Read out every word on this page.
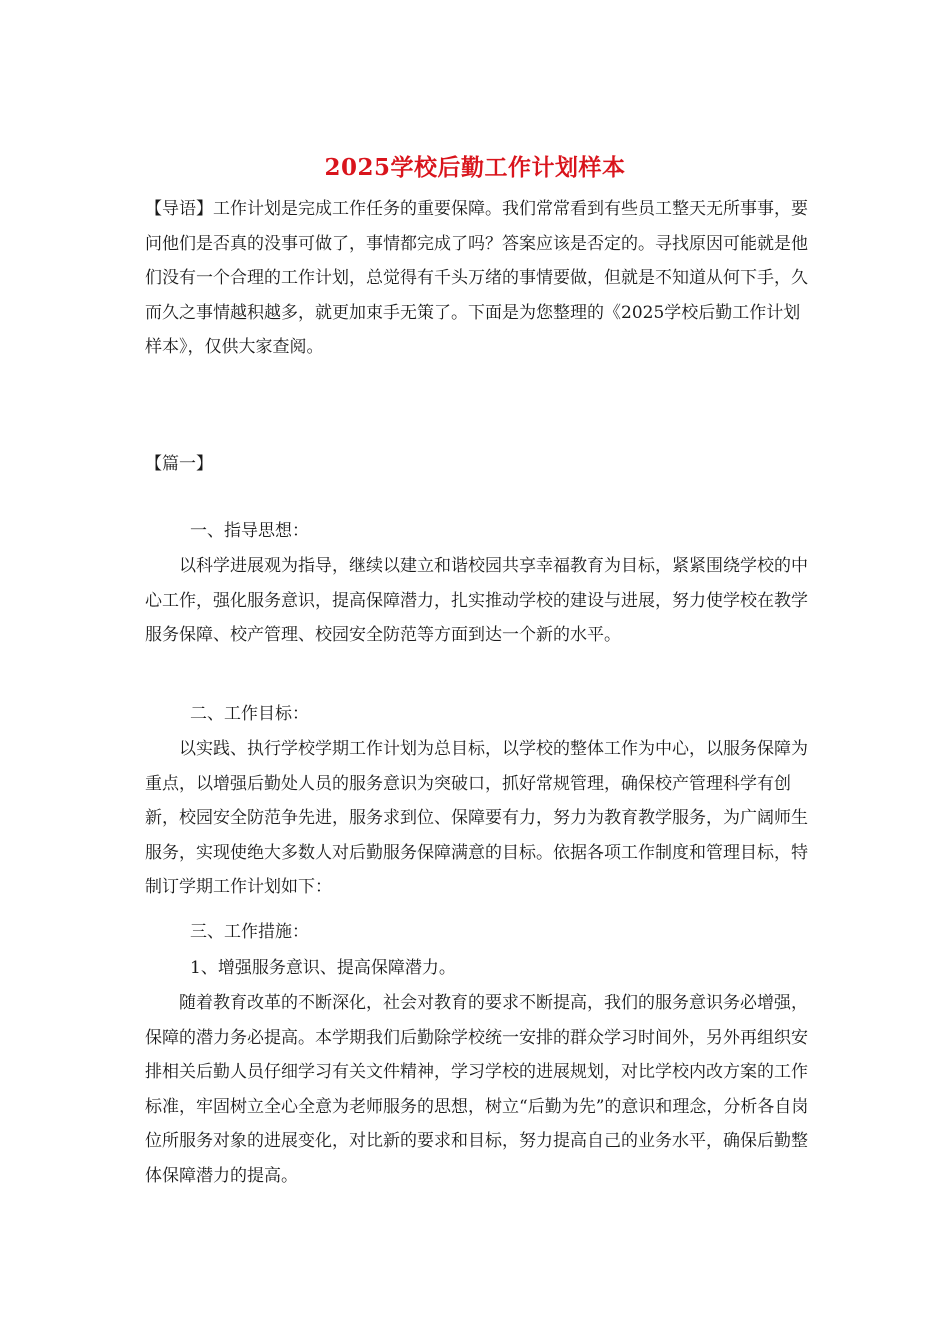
2025学校后勤工作计划样本

【导语】工作计划是完成工作任务的重要保障。我们常常看到有些员工整天无所事事，要问他们是否真的没事可做了，事情都完成了吗？答案应该是否定的。寻找原因可能就是他们没有一个合理的工作计划，总觉得有千头万绪的事情要做，但就是不知道从何下手，久而久之事情越积越多，就更加束手无策了。下面是为您整理的《2025学校后勤工作计划样本》，仅供大家查阅。

【篇一】
一、指导思想：

以科学进展观为指导，继续以建立和谐校园共享幸福教育为目标，紧紧围绕学校的中心工作，强化服务意识，提高保障潜力，扎实推动学校的建设与进展，努力使学校在教学服务保障、校产管理、校园安全防范等方面到达一个新的水平。

二、工作目标：

以实践、执行学校学期工作计划为总目标，以学校的整体工作为中心，以服务保障为重点，以增强后勤处人员的服务意识为突破口，抓好常规管理，确保校产管理科学有创新，校园安全防范争先进，服务求到位、保障要有力，努力为教育教学服务，为广阔师生服务，实现使绝大多数人对后勤服务保障满意的目标。依据各项工作制度和管理目标，特制订学期工作计划如下：

三、工作措施：
1、增强服务意识、提高保障潜力。

随着教育改革的不断深化，社会对教育的要求不断提高，我们的服务意识务必增强，保障的潜力务必提高。本学期我们后勤除学校统一安排的群众学习时间外，另外再组织安排相关后勤人员仔细学习有关文件精神，学习学校的进展规划，对比学校内改方案的工作标准，牢固树立全心全意为老师服务的思想，树立“后勤为先”的意识和理念，分析各自岗位所服务对象的进展变化，对比新的要求和目标，努力提高自己的业务水平，确保后勤整体保障潜力的提高。
